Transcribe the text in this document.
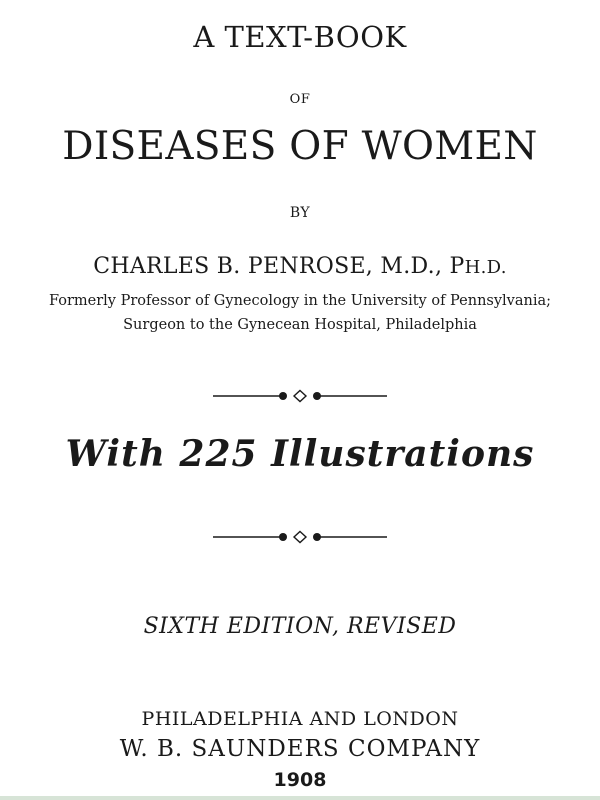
A TEXT-BOOK
OF
DISEASES OF WOMEN
BY
CHARLES B. PENROSE, M.D., PH.D.
Formerly Professor of Gynecology in the University of Pennsylvania;
Surgeon to the Gynecean Hospital, Philadelphia
With 225 Illustrations
SIXTH EDITION, REVISED
PHILADELPHIA AND LONDON
W. B. SAUNDERS COMPANY
1908
